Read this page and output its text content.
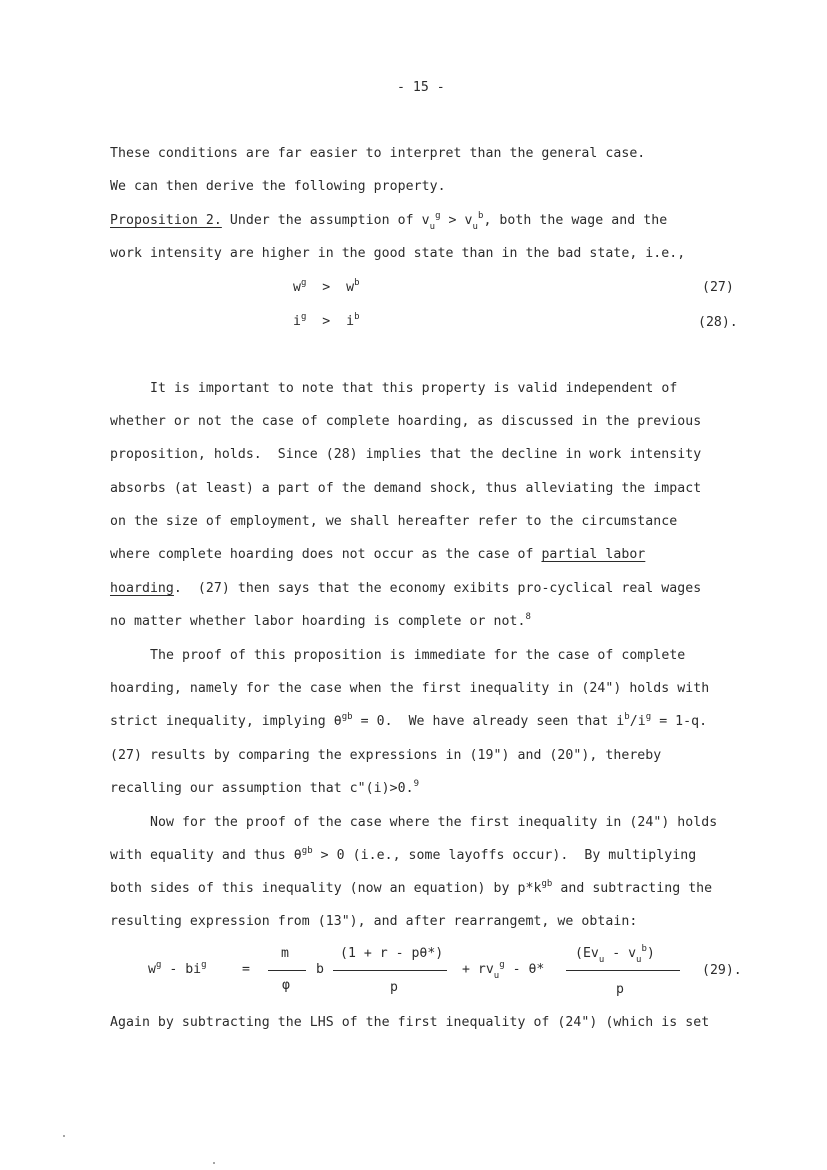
- 15 -
These conditions are far easier to interpret than the general case.
We can then derive the following property.
Proposition 2. Under the assumption of $v_u^g > v_u^b$, both the wage and the
work intensity are higher in the good state than in the bad state, i.e.,
$w^g > w^b$	(27)
$i^g > i^b$	(28).
It is important to note that this property is valid independent of
whether or not the case of complete hoarding, as discussed in the previous
proposition, holds.  Since (28) implies that the decline in work intensity
absorbs (at least) a part of the demand shock, thus alleviating the impact
on the size of employment, we shall hereafter refer to the circumstance
where complete hoarding does not occur as the case of partial labor
hoarding.  (27) then says that the economy exibits pro-cyclical real wages
no matter whether labor hoarding is complete or not.$^8$
The proof of this proposition is immediate for the case of complete
hoarding, namely for the case when the first inequality in (24") holds with
strict inequality, implying $\theta^{gb} = 0$.  We have already seen that $i^b/i^g = 1-q$.
(27) results by comparing the expressions in (19") and (20"), thereby
recalling our assumption that c"(i)>0.$^9$
Now for the proof of the case where the first inequality in (24") holds
with equality and thus $\theta^{gb} > 0$ (i.e., some layoffs occur).  By multiplying
both sides of this inequality (now an equation) by $p*k^{gb}$ and subtracting the
resulting expression from (13"), and after rearrangemt, we obtain:
$w^g - bi^g$	=
m
φ
b
(1 + r - pθ*)
p
+ $rv_u^g - \theta*$
$(Ev_u - v_u^b)$
p
(29).
Again by subtracting the LHS of the first inequality of (24") (which is set
